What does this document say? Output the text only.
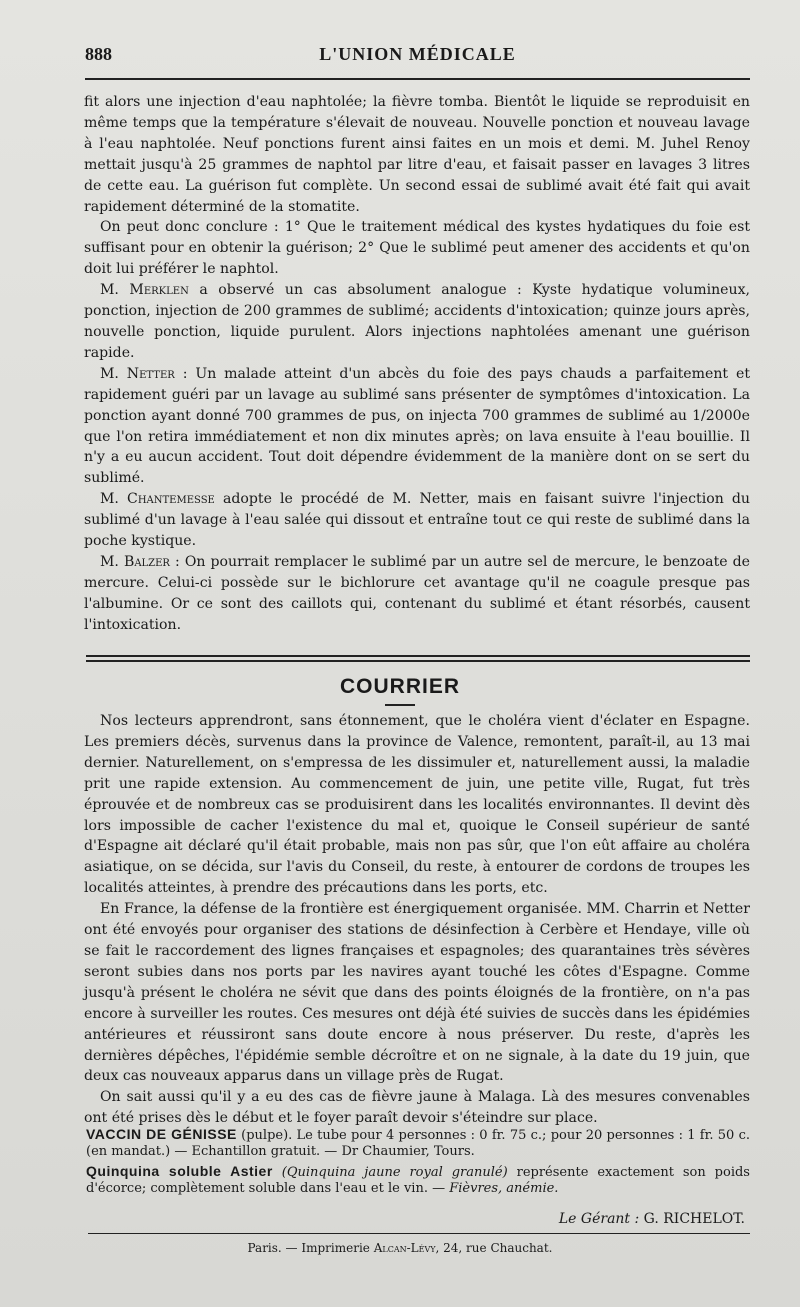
888	L'UNION MÉDICALE

fit alors une injection d'eau naphtolée; la fièvre tomba. Bientôt le liquide se reproduisit en même temps que la température s'élevait de nouveau. Nouvelle ponction et nouveau lavage à l'eau naphtolée. Neuf ponctions furent ainsi faites en un mois et demi. M. Juhel Renoy mettait jusqu'à 25 grammes de naphtol par litre d'eau, et faisait passer en lavages 3 litres de cette eau. La guérison fut complète. Un second essai de sublimé avait été fait qui avait rapidement déterminé de la stomatite.

On peut donc conclure : 1° Que le traitement médical des kystes hydatiques du foie est suffisant pour en obtenir la guérison; 2° Que le sublimé peut amener des accidents et qu'on doit lui préférer le naphtol.

M. Merklen a observé un cas absolument analogue : Kyste hydatique volumineux, ponction, injection de 200 grammes de sublimé; accidents d'intoxication; quinze jours après, nouvelle ponction, liquide purulent. Alors injections naphtolées amenant une guérison rapide.

M. Netter : Un malade atteint d'un abcès du foie des pays chauds a parfaitement et rapidement guéri par un lavage au sublimé sans présenter de symptômes d'intoxication. La ponction ayant donné 700 grammes de pus, on injecta 700 grammes de sublimé au 1/2000e que l'on retira immédiatement et non dix minutes après; on lava ensuite à l'eau bouillie. Il n'y a eu aucun accident. Tout doit dépendre évidemment de la manière dont on se sert du sublimé.

M. Chantemesse adopte le procédé de M. Netter, mais en faisant suivre l'injection du sublimé d'un lavage à l'eau salée qui dissout et entraîne tout ce qui reste de sublimé dans la poche kystique.

M. Balzer : On pourrait remplacer le sublimé par un autre sel de mercure, le benzoate de mercure. Celui-ci possède sur le bichlorure cet avantage qu'il ne coagule presque pas l'albumine. Or ce sont des caillots qui, contenant du sublimé et étant résorbés, causent l'intoxication.

COURRIER

Nos lecteurs apprendront, sans étonnement, que le choléra vient d'éclater en Espagne. Les premiers décès, survenus dans la province de Valence, remontent, paraît-il, au 13 mai dernier. Naturellement, on s'empressa de les dissimuler et, naturellement aussi, la maladie prit une rapide extension. Au commencement de juin, une petite ville, Rugat, fut très éprouvée et de nombreux cas se produisirent dans les localités environnantes. Il devint dès lors impossible de cacher l'existence du mal et, quoique le Conseil supérieur de santé d'Espagne ait déclaré qu'il était probable, mais non pas sûr, que l'on eût affaire au choléra asiatique, on se décida, sur l'avis du Conseil, du reste, à entourer de cordons de troupes les localités atteintes, à prendre des précautions dans les ports, etc.

En France, la défense de la frontière est énergiquement organisée. MM. Charrin et Netter ont été envoyés pour organiser des stations de désinfection à Cerbère et Hendaye, ville où se fait le raccordement des lignes françaises et espagnoles; des quarantaines très sévères seront subies dans nos ports par les navires ayant touché les côtes d'Espagne. Comme jusqu'à présent le choléra ne sévit que dans des points éloignés de la frontière, on n'a pas encore à surveiller les routes. Ces mesures ont déjà été suivies de succès dans les épidémies antérieures et réussiront sans doute encore à nous préserver. Du reste, d'après les dernières dépêches, l'épidémie semble décroître et on ne signale, à la date du 19 juin, que deux cas nouveaux apparus dans un village près de Rugat.

On sait aussi qu'il y a eu des cas de fièvre jaune à Malaga. Là des mesures convenables ont été prises dès le début et le foyer paraît devoir s'éteindre sur place.

VACCIN DE GÉNISSE (pulpe). Le tube pour 4 personnes : 0 fr. 75 c.; pour 20 personnes : 1 fr. 50 c. (en mandat.) — Echantillon gratuit. — Dr Chaumier, Tours.
Quinquina soluble Astier (Quinquina jaune royal granulé) représente exactement son poids d'écorce; complètement soluble dans l'eau et le vin. — Fièvres, anémie.
Le Gérant : G. RICHELOT.
Paris. — Imprimerie Alcan-Lévy, 24, rue Chauchat.
